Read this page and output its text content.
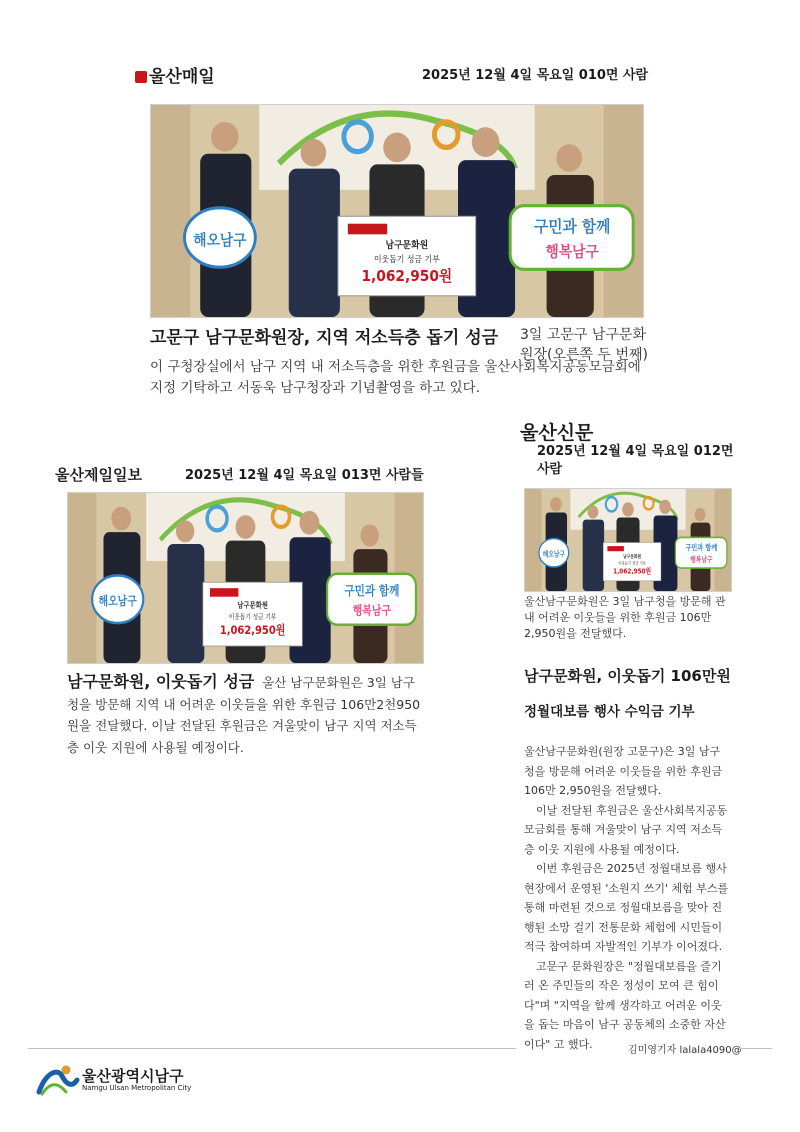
울산매일	2025년 12월 4일 목요일 010면 사람
고문구 남구문화원장, 지역 저소득층 돕기 성금 3일 고문구 남구문화
원장(오른쪽 두 번째)
이 구청장실에서 남구 지역 내 저소득층을 위한 후원금을 울산사회복지공동모금회에 지정 기탁하고 서동욱 남구청장과 기념촬영을 하고 있다.
울산제일일보	2025년 12월 4일 목요일 013면 사람들
남구문화원, 이웃돕기 성금 울산 남구문화원은 3일 남구청을 방문해 지역 내 어려운 이웃들을 위한 후원금 106만2천950원을 전달했다. 이날 전달된 후원금은 겨울맞이 남구 지역 저소득층 이웃 지원에 사용될 예정이다.
울산신문
2025년 12월 4일 목요일 012면 사람
울산남구문화원은 3일 남구청을 방문해 관내 어려운 이웃들을 위한 후원금 106만 2,950원을 전달했다.
남구문화원, 이웃돕기 106만원
정월대보름 행사 수익금 기부

울산남구문화원(원장 고문구)은 3일 남구청을 방문해 어려운 이웃들을 위한 후원금 106만 2,950원을 전달했다.

이날 전달된 후원금은 울산사회복지공동모금회를 통해 겨울맞이 남구 지역 저소득층 이웃 지원에 사용될 예정이다.

이번 후원금은 2025년 정월대보름 행사 현장에서 운영된 '소원지 쓰기' 체험 부스를 통해 마련된 것으로 정월대보름을 맞아 진행된 소망 걸기 전통문화 체험에 시민들이 적극 참여하며 자발적인 기부가 이어졌다.

고문구 문화원장은 "정월대보름을 즐기러 온 주민들의 작은 정성이 모여 큰 힘이다"며 "지역을 함께 생각하고 어려운 이웃을 돕는 마음이 남구 공동체의 소중한 자산이다" 고 했다.	김미영기자 lalala4090@
울산광역시남구
Namgu Ulsan Metropolitan City
